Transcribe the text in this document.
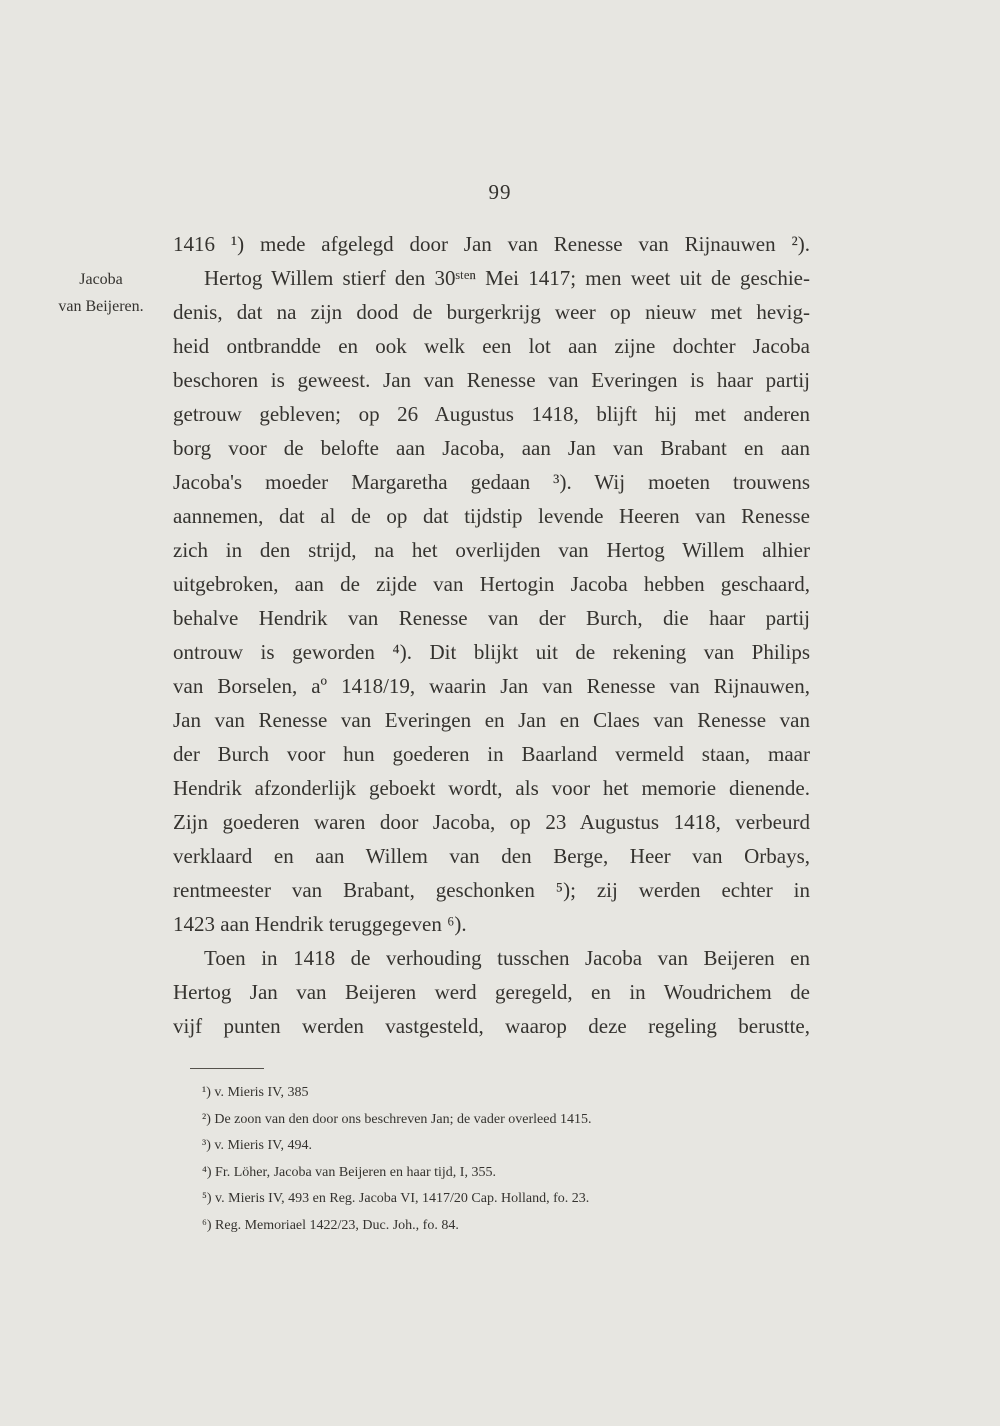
99
Jacoba
van Beijeren.
1416 ¹) mede afgelegd door Jan van Renesse van Rijnauwen ²).
Hertog Willem stierf den 30ˢᵗᵉⁿ Mei 1417; men weet uit de geschie-
denis, dat na zijn dood de burgerkrijg weer op nieuw met hevig-
heid ontbrandde en ook welk een lot aan zijne dochter Jacoba
beschoren is geweest. Jan van Renesse van Everingen is haar partij
getrouw gebleven; op 26 Augustus 1418, blijft hij met anderen
borg voor de belofte aan Jacoba, aan Jan van Brabant en aan
Jacoba's moeder Margaretha gedaan ³). Wij moeten trouwens
aannemen, dat al de op dat tijdstip levende Heeren van Renesse
zich in den strijd, na het overlijden van Hertog Willem alhier
uitgebroken, aan de zijde van Hertogin Jacoba hebben geschaard,
behalve Hendrik van Renesse van der Burch, die haar partij
ontrouw is geworden ⁴). Dit blijkt uit de rekening van Philips
van Borselen, aº 1418/19, waarin Jan van Renesse van Rijnauwen,
Jan van Renesse van Everingen en Jan en Claes van Renesse van
der Burch voor hun goederen in Baarland vermeld staan, maar
Hendrik afzonderlijk geboekt wordt, als voor het memorie dienende.
Zijn goederen waren door Jacoba, op 23 Augustus 1418, verbeurd
verklaard en aan Willem van den Berge, Heer van Orbays,
rentmeester van Brabant, geschonken ⁵); zij werden echter in
1423 aan Hendrik teruggegeven ⁶).
Toen in 1418 de verhouding tusschen Jacoba van Beijeren en
Hertog Jan van Beijeren werd geregeld, en in Woudrichem de
vijf punten werden vastgesteld, waarop deze regeling berustte,
¹) v. Mieris IV, 385
²) De zoon van den door ons beschreven Jan; de vader overleed 1415.
³) v. Mieris IV, 494.
⁴) Fr. Löher, Jacoba van Beijeren en haar tijd, I, 355.
⁵) v. Mieris IV, 493 en Reg. Jacoba VI, 1417/20 Cap. Holland, fo. 23.
⁶) Reg. Memoriael 1422/23, Duc. Joh., fo. 84.
